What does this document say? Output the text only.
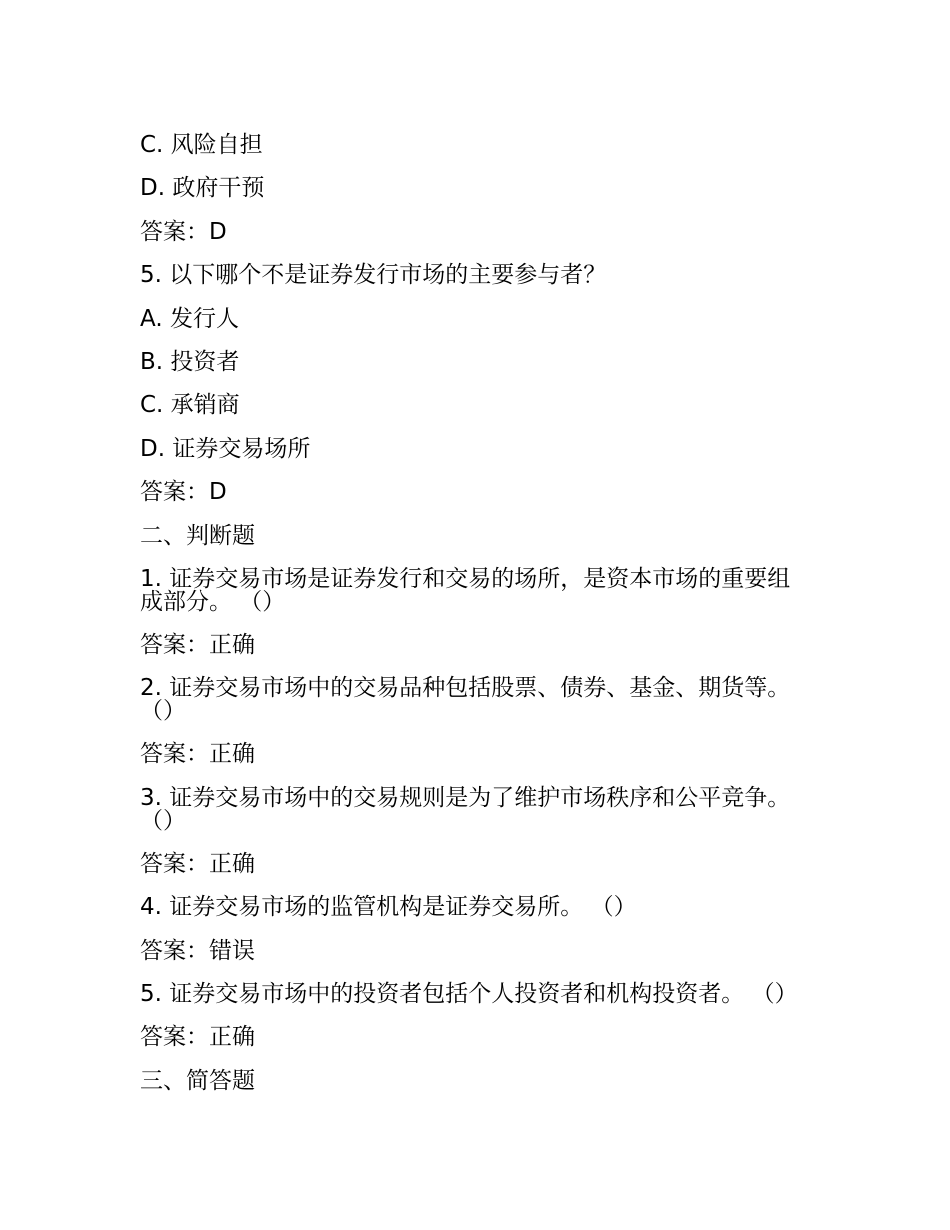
C. 风险自担

D. 政府干预

答案：D

5. 以下哪个不是证券发行市场的主要参与者？

A. 发行人

B. 投资者

C. 承销商

D. 证券交易场所

答案：D

二、判断题

1. 证券交易市场是证券发行和交易的场所，是资本市场的重要组成部分。 （）

答案：正确

2. 证券交易市场中的交易品种包括股票、债券、基金、期货等。 （）

答案：正确

3. 证券交易市场中的交易规则是为了维护市场秩序和公平竞争。 （）

答案：正确

4. 证券交易市场的监管机构是证券交易所。 （）

答案：错误

5. 证券交易市场中的投资者包括个人投资者和机构投资者。 （）

答案：正确

三、简答题
